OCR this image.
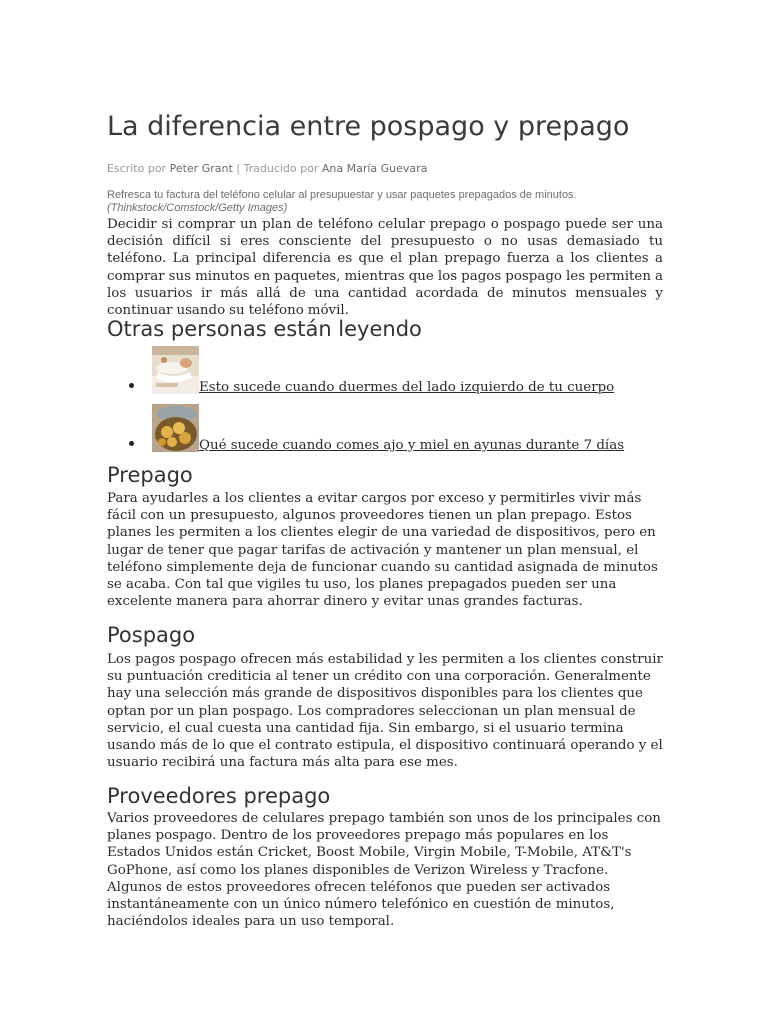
La diferencia entre pospago y prepago
Escrito por Peter Grant | Traducido por Ana María Guevara
Refresca tu factura del teléfono celular al presupuestar y usar paquetes prepagados de minutos.
(Thinkstock/Comstock/Getty Images)

Decidir si comprar un plan de teléfono celular prepago o pospago puede ser una decisión difícil si eres consciente del presupuesto o no usas demasiado tu teléfono. La principal diferencia es que el plan prepago fuerza a los clientes a comprar sus minutos en paquetes, mientras que los pagos pospago les permiten a los usuarios ir más allá de una cantidad acordada de minutos mensuales y continuar usando su teléfono móvil.

Otras personas están leyendo
Esto sucede cuando duermes del lado izquierdo de tu cuerpo
Qué sucede cuando comes ajo y miel en ayunas durante 7 días
Prepago

Para ayudarles a los clientes a evitar cargos por exceso y permitirles vivir más fácil con un presupuesto, algunos proveedores tienen un plan prepago. Estos planes les permiten a los clientes elegir de una variedad de dispositivos, pero en lugar de tener que pagar tarifas de activación y mantener un plan mensual, el teléfono simplemente deja de funcionar cuando su cantidad asignada de minutos se acaba. Con tal que vigiles tu uso, los planes prepagados pueden ser una excelente manera para ahorrar dinero y evitar unas grandes facturas.

Pospago

Los pagos pospago ofrecen más estabilidad y les permiten a los clientes construir su puntuación crediticia al tener un crédito con una corporación. Generalmente hay una selección más grande de dispositivos disponibles para los clientes que optan por un plan pospago. Los compradores seleccionan un plan mensual de servicio, el cual cuesta una cantidad fija. Sin embargo, si el usuario termina usando más de lo que el contrato estipula, el dispositivo continuará operando y el usuario recibirá una factura más alta para ese mes.

Proveedores prepago

Varios proveedores de celulares prepago también son unos de los principales con planes pospago. Dentro de los proveedores prepago más populares en los Estados Unidos están Cricket, Boost Mobile, Virgin Mobile, T-Mobile, AT&T's GoPhone, así como los planes disponibles de Verizon Wireless y Tracfone. Algunos de estos proveedores ofrecen teléfonos que pueden ser activados instantáneamente con un único número telefónico en cuestión de minutos, haciéndolos ideales para un uso temporal.
